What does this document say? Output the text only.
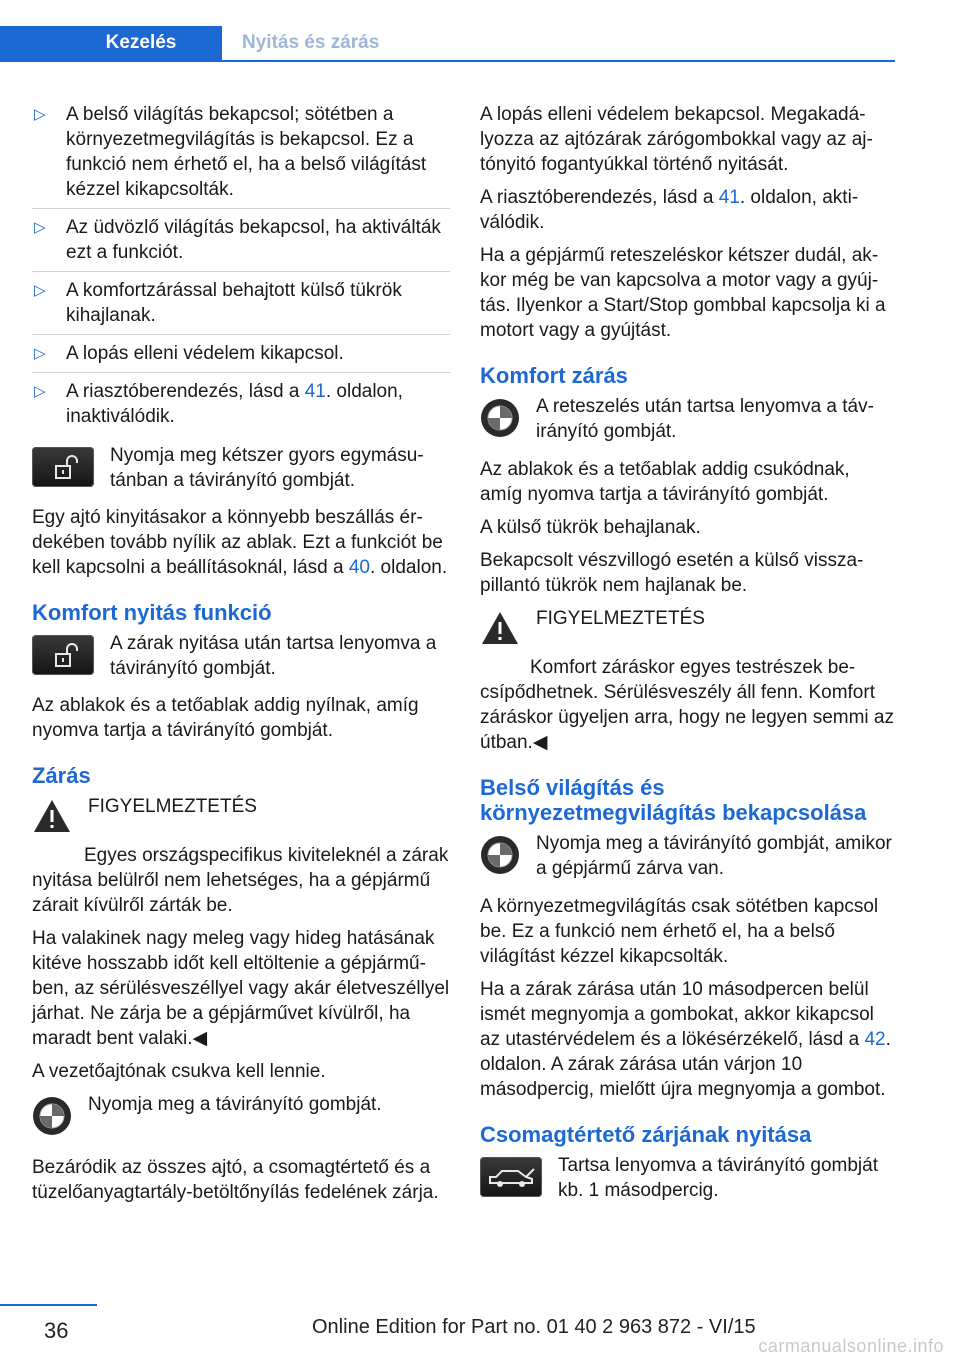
Kezelés	Nyitás és zárás
▷ A belső világítás bekapcsol; sötétben a környezetmegvilágítás is bekapcsol. Ez a funkció nem érhető el, ha a belső világítást kézzel kikapcsolták.
▷ Az üdvözlő világítás bekapcsol, ha aktiválták ezt a funkciót.
▷ A komfortzárással behajtott külső tükrök kihajlanak.
▷ A lopás elleni védelem kikapcsol.
▷ A riasztóberendezés, lásd a 41. oldalon, inaktiválódik.
Nyomja meg kétszer gyors egymásutánban a távirányító gombját.

Egy ajtó kinyitásakor a könnyebb beszállás érdekében tovább nyílik az ablak. Ezt a funkciót be kell kapcsolni a beállításoknál, lásd a 40. oldalon.

Komfort nyitás funkció
A zárak nyitása után tartsa lenyomva a távirányító gombját.

Az ablakok és a tetőablak addig nyílnak, amíg nyomva tartja a távirányító gombját.

Zárás
FIGYELMEZTETÉS

Egyes országspecifikus kiviteleknél a zárak nyitása belülről nem lehetséges, ha a gépjármű zárait kívülről zárták be.

Ha valakinek nagy meleg vagy hideg hatásának kitéve hosszabb időt kell eltöltenie a gépjárműben, az sérülésveszéllyel vagy akár életveszéllyel járhat. Ne zárja be a gépjárművet kívülről, ha maradt bent valaki.◀

A vezetőajtónak csukva kell lennie.

Nyomja meg a távirányító gombját.

Bezáródik az összes ajtó, a csomagtértető és a tüzelőanyagtartály-betöltőnyílás fedelének zárja.

A lopás elleni védelem bekapcsol. Megakadályozza az ajtózárak zárógombokkal vagy az ajtónyitó fogantyúkkal történő nyitását.

A riasztóberendezés, lásd a 41. oldalon, aktiválódik.

Ha a gépjármű reteszeléskor kétszer dudál, akkor még be van kapcsolva a motor vagy a gyújtás. Ilyenkor a Start/Stop gombbal kapcsolja ki a motort vagy a gyújtást.

Komfort zárás
A reteszelés után tartsa lenyomva a távirányító gombját.

Az ablakok és a tetőablak addig csukódnak, amíg nyomva tartja a távirányító gombját.

A külső tükrök behajlanak.

Bekapcsolt vészvillogó esetén a külső visszapillantó tükrök nem hajlanak be.

FIGYELMEZTETÉS

Komfort záráskor egyes testrészek becsípődhetnek. Sérülésveszély áll fenn. Komfort záráskor ügyeljen arra, hogy ne legyen semmi az útban.◀

Belső világítás és környezetmegvilágítás bekapcsolása
Nyomja meg a távirányító gombját, amikor a gépjármű zárva van.

A környezetmegvilágítás csak sötétben kapcsol be. Ez a funkció nem érhető el, ha a belső világítást kézzel kikapcsolták.

Ha a zárak zárása után 10 másodpercen belül ismét megnyomja a gombokat, akkor kikapcsol az utastérvédelem és a lökésérzékelő, lásd a 42. oldalon. A zárak zárása után várjon 10 másodpercig, mielőtt újra megnyomja a gombot.

Csomagtértető zárjának nyitása
Tartsa lenyomva a távirányító gombját kb. 1 másodpercig.
36	Online Edition for Part no. 01 40 2 963 872 - VI/15
carmanualsonline.info
